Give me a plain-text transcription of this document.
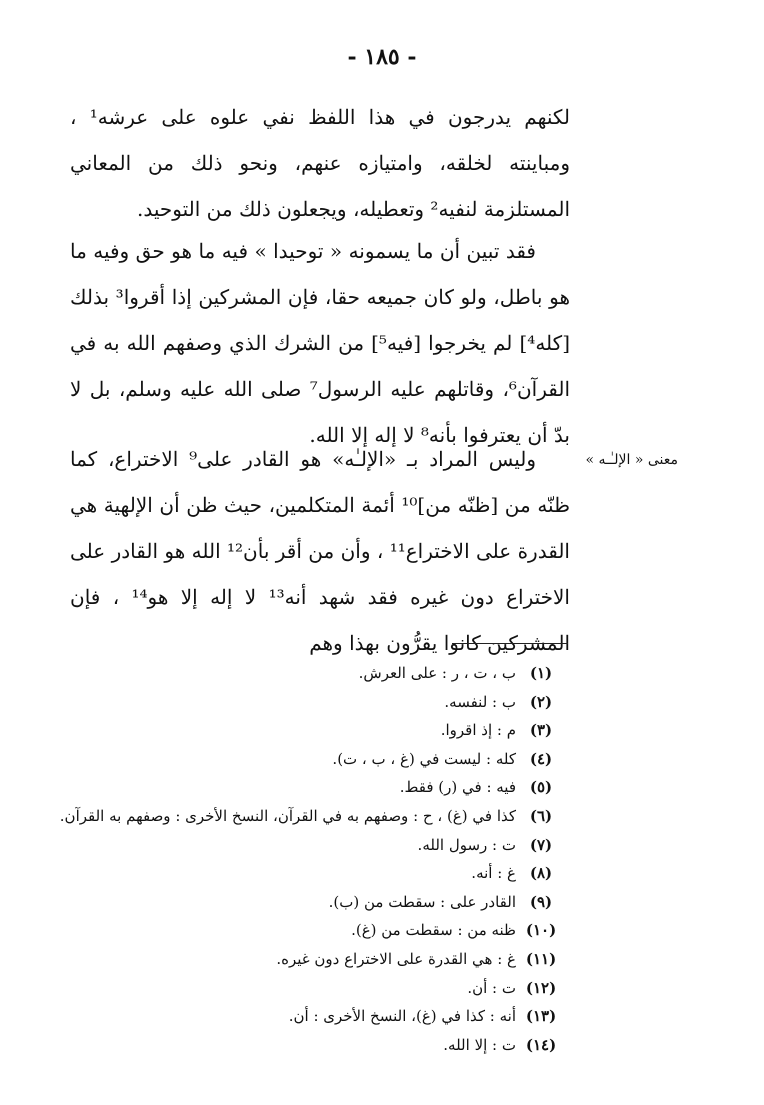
- ١٨٥ -
لكنهم يدرجون في هذا اللفظ نفي علوه على عرشه¹ ، ومباينته لخلقه، وامتيازه عنهم، ونحو ذلك من المعاني المستلزمة لنفيه² وتعطيله، ويجعلون ذلك من التوحيد.
فقد تبين أن ما يسمونه « توحيدا » فيه ما هو حق وفيه ما هو باطل، ولو كان جميعه حقا، فإن المشركين إذا أقروا³ بذلك [كله⁴] لم يخرجوا [فيه⁵] من الشرك الذي وصفهم الله به في القرآن⁶، وقاتلهم عليه الرسول⁷ صلى الله عليه وسلم، بل لا بدّ أن يعترفوا بأنه⁸ لا إله إلا الله.
وليس المراد بـ «الإلـٰه» هو القادر على⁹ الاختراع، كما ظنّه من [ظنّه من]¹⁰ أئمة المتكلمين، حيث ظن أن الإلهية هي القدرة على الاختراع¹¹ ، وأن من أقر بأن¹² الله هو القادر على الاختراع دون غيره فقد شهد أنه¹³ لا إله إلا هو¹⁴ ، فإن المشركين كانوا يقرُّون بهذا وهم
معنى « الإلـٰـه »
(١)
ب ، ت ، ر : على العرش.
(٢)
ب : لنفسه.
(٣)
م : إذ اقروا.
(٤)
كله : ليست في (غ ، ب ، ت).
(٥)
فيه : في (ر) فقط.
(٦)
كذا في (غ) ، ح : وصفهم به في القرآن، النسخ الأخرى : وصفهم به القرآن.
(٧)
ت : رسول الله.
(٨)
غ : أنه.
(٩)
القادر على : سقطت من (ب).
(١٠)
ظنه من : سقطت من (غ).
(١١)
غ : هي القدرة على الاختراع دون غيره.
(١٢)
ت : أن.
(١٣)
أنه : كذا في (غ)، النسخ الأخرى : أن.
(١٤)
ت : إلا الله.
